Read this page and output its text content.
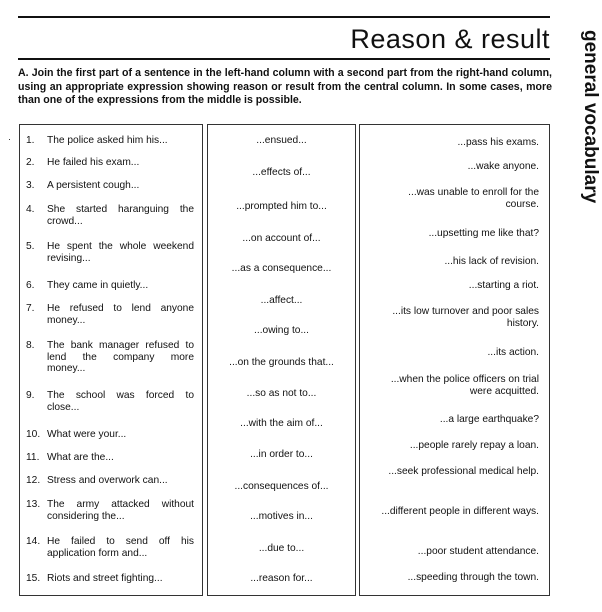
Reason & result general vocabulary
A. Join the first part of a sentence in the left-hand column with a second part from the right-hand column, using an appropriate expression showing reason or result from the central column. In some cases, more than one of the expressions from the middle is possible.
· 1.	The police asked him his...
2.	He failed his exam...
3.	A persistent cough...
4.	She started haranguing the crowd...
5.	He spent the whole weekend revising...
6.	They came in quietly...
7.	He refused to lend anyone money...
8.	The bank manager refused to lend the company more money...
9.	The school was forced to close...
10. What were your...
11. What are the...
12. Stress and overwork can...
13. The army attacked without considering the...
14. He failed to send off his application form and...
15. Riots and street fighting...
...ensued...
...effects of...
...prompted him to...
...on account of...
...as a consequence...
...affect...
...owing to...
...on the grounds that...
...so as not to...
...with the aim of...
...in order to...
...consequences of...
...motives in...
...due to...
...reason for...
...pass his exams.
...wake anyone.
...was unable to enroll for the course.
...upsetting me like that?
...his lack of revision.
...starting a riot.
...its low turnover and poor sales history.
...its action.
...when the police officers on trial were acquitted.
...a large earthquake?
...people rarely repay a loan.
...seek professional medical help.
...different people in different ways.
...poor student attendance.
...speeding through the town.
